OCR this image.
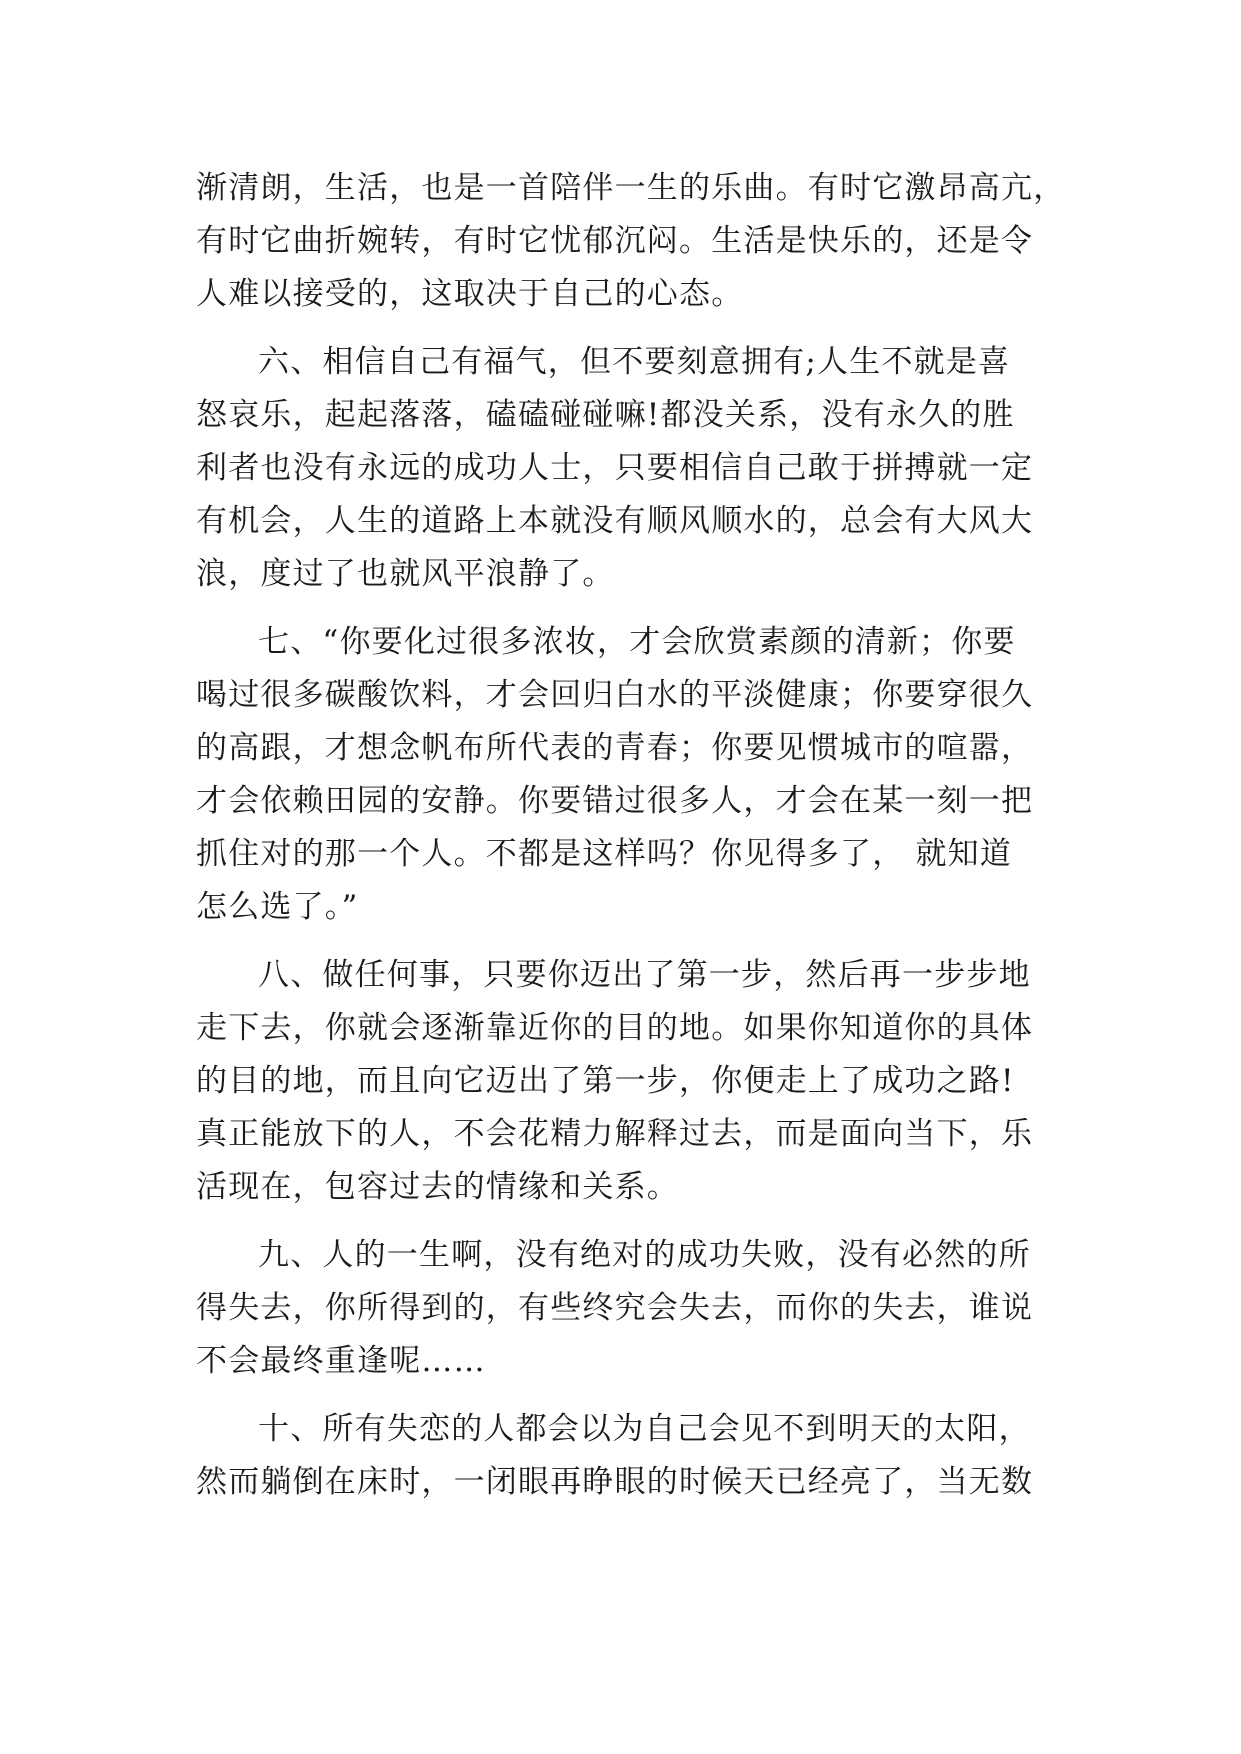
渐清朗，生活，也是一首陪伴一生的乐曲。有时它激昂高亢，
有时它曲折婉转，有时它忧郁沉闷。生活是快乐的，还是令
人难以接受的，这取决于自己的心态。
六、相信自己有福气，但不要刻意拥有;人生不就是喜
怒哀乐，起起落落，磕磕碰碰嘛!都没关系，没有永久的胜
利者也没有永远的成功人士，只要相信自己敢于拼搏就一定
有机会，人生的道路上本就没有顺风顺水的，总会有大风大
浪，度过了也就风平浪静了。
七、“你要化过很多浓妆，才会欣赏素颜的清新；你要
喝过很多碳酸饮料，才会回归白水的平淡健康；你要穿很久
的高跟，才想念帆布所代表的青春；你要见惯城市的喧嚣，
才会依赖田园的安静。你要错过很多人，才会在某一刻一把
抓住对的那一个人。不都是这样吗？你见得多了， 就知道
怎么选了。”
八、做任何事，只要你迈出了第一步，然后再一步步地
走下去，你就会逐渐靠近你的目的地。如果你知道你的具体
的目的地，而且向它迈出了第一步，你便走上了成功之路!
真正能放下的人，不会花精力解释过去，而是面向当下，乐
活现在，包容过去的情缘和关系。
九、人的一生啊，没有绝对的成功失败，没有必然的所
得失去，你所得到的，有些终究会失去，而你的失去，谁说
不会最终重逢呢……
十、所有失恋的人都会以为自己会见不到明天的太阳，
然而躺倒在床时，一闭眼再睁眼的时候天已经亮了，当无数
